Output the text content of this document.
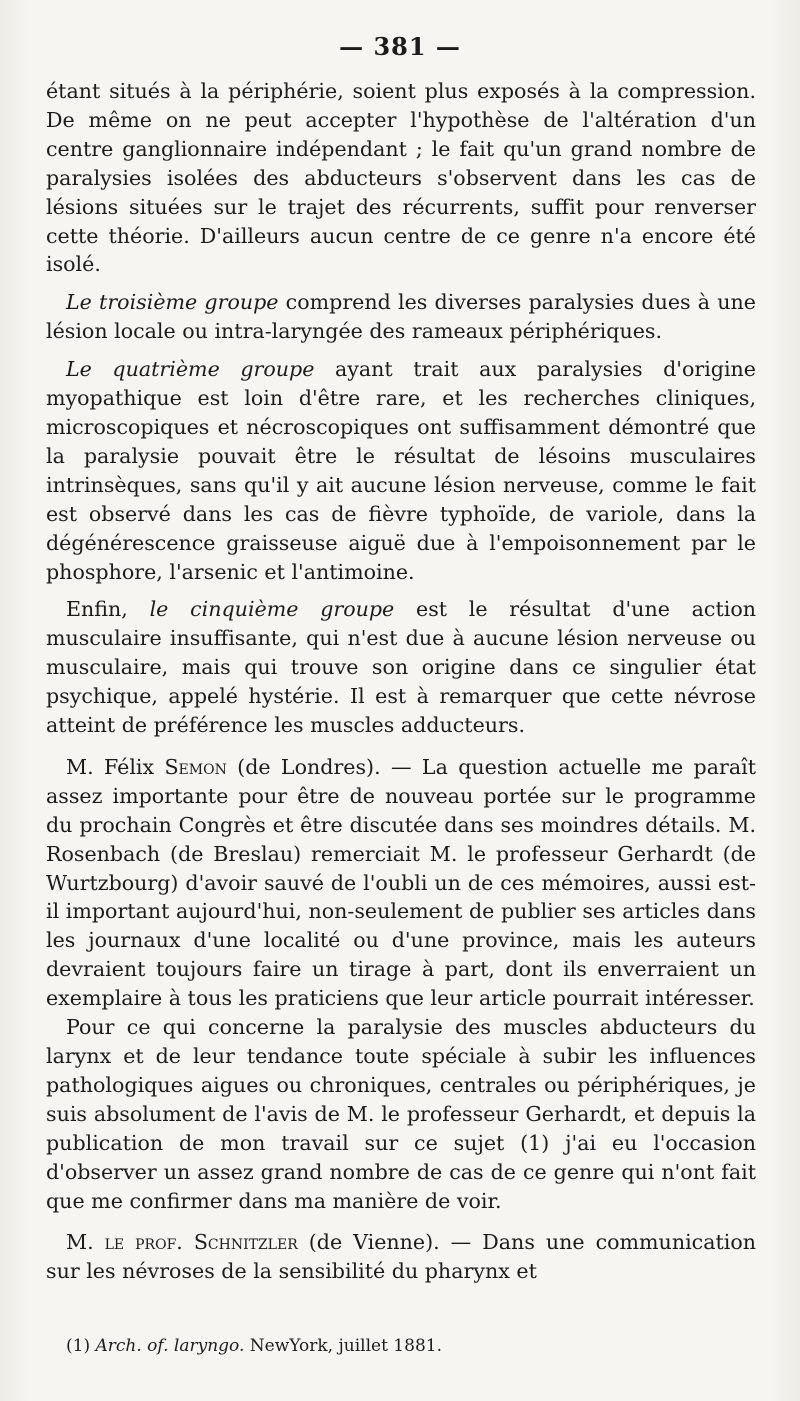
— 381 —

étant situés à la périphérie, soient plus exposés à la compression. De même on ne peut accepter l'hypothèse de l'altération d'un centre ganglionnaire indépendant ; le fait qu'un grand nombre de paralysies isolées des abducteurs s'observent dans les cas de lésions situées sur le trajet des récurrents, suffit pour renverser cette théorie. D'ailleurs aucun centre de ce genre n'a encore été isolé.

Le troisième groupe comprend les diverses paralysies dues à une lésion locale ou intra-laryngée des rameaux périphériques.

Le quatrième groupe ayant trait aux paralysies d'origine myopathique est loin d'être rare, et les recherches cliniques, microscopiques et nécroscopiques ont suffisamment démontré que la paralysie pouvait être le résultat de lésoins musculaires intrinsèques, sans qu'il y ait aucune lésion nerveuse, comme le fait est observé dans les cas de fièvre typhoïde, de variole, dans la dégénérescence graisseuse aiguë due à l'empoisonnement par le phosphore, l'arsenic et l'antimoine.

Enfin, le cinquième groupe est le résultat d'une action musculaire insuffisante, qui n'est due à aucune lésion nerveuse ou musculaire, mais qui trouve son origine dans ce singulier état psychique, appelé hystérie. Il est à remarquer que cette névrose atteint de préférence les muscles adducteurs.

M. Félix Semon (de Londres). — La question actuelle me paraît assez importante pour être de nouveau portée sur le programme du prochain Congrès et être discutée dans ses moindres détails. M. Rosenbach (de Breslau) remerciait M. le professeur Gerhardt (de Wurtzbourg) d'avoir sauvé de l'oubli un de ces mémoires, aussi est-il important aujourd'hui, non-seulement de publier ses articles dans les journaux d'une localité ou d'une province, mais les auteurs devraient toujours faire un tirage à part, dont ils enverraient un exemplaire à tous les praticiens que leur article pourrait intéresser.

Pour ce qui concerne la paralysie des muscles abducteurs du larynx et de leur tendance toute spéciale à subir les influences pathologiques aigues ou chroniques, centrales ou périphériques, je suis absolument de l'avis de M. le professeur Gerhardt, et depuis la publication de mon travail sur ce sujet (1) j'ai eu l'occasion d'observer un assez grand nombre de cas de ce genre qui n'ont fait que me confirmer dans ma manière de voir.

M. le prof. Schnitzler (de Vienne). — Dans une communication sur les névroses de la sensibilité du pharynx et

(1) Arch. of. laryngo. NewYork, juillet 1881.
